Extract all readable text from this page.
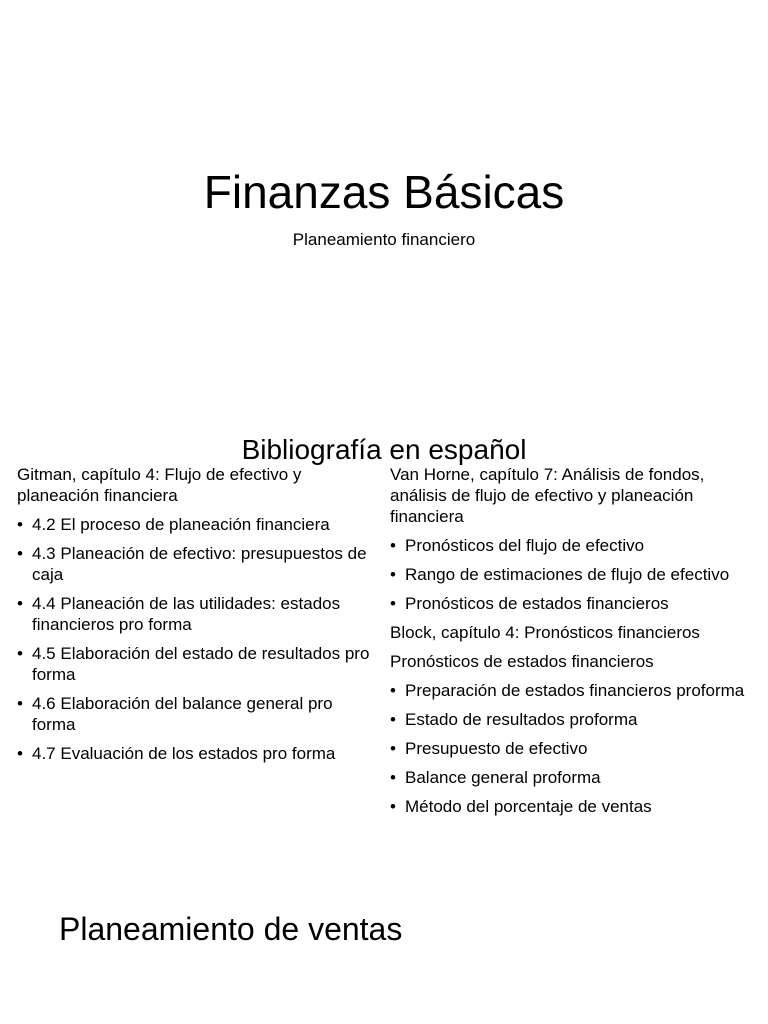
Finanzas Básicas
Planeamiento financiero
Bibliografía en español

Gitman, capítulo 4: Flujo de efectivo y planeación financiera

• 4.2 El proceso de planeación financiera
• 4.3 Planeación de efectivo: presupuestos de caja
• 4.4 Planeación de las utilidades: estados financieros pro forma
• 4.5 Elaboración del estado de resultados pro forma
• 4.6 Elaboración del balance general pro forma
• 4.7 Evaluación de los estados pro forma

Van Horne, capítulo 7: Análisis de fondos, análisis de flujo de efectivo y planeación financiera

• Pronósticos del flujo de efectivo
• Rango de estimaciones de flujo de efectivo
• Pronósticos de estados financieros

Block, capítulo 4: Pronósticos financieros

Pronósticos de estados financieros

• Preparación de estados financieros proforma
• Estado de resultados proforma
• Presupuesto de efectivo
• Balance general proforma
• Método del porcentaje de ventas
Planeamiento de ventas
